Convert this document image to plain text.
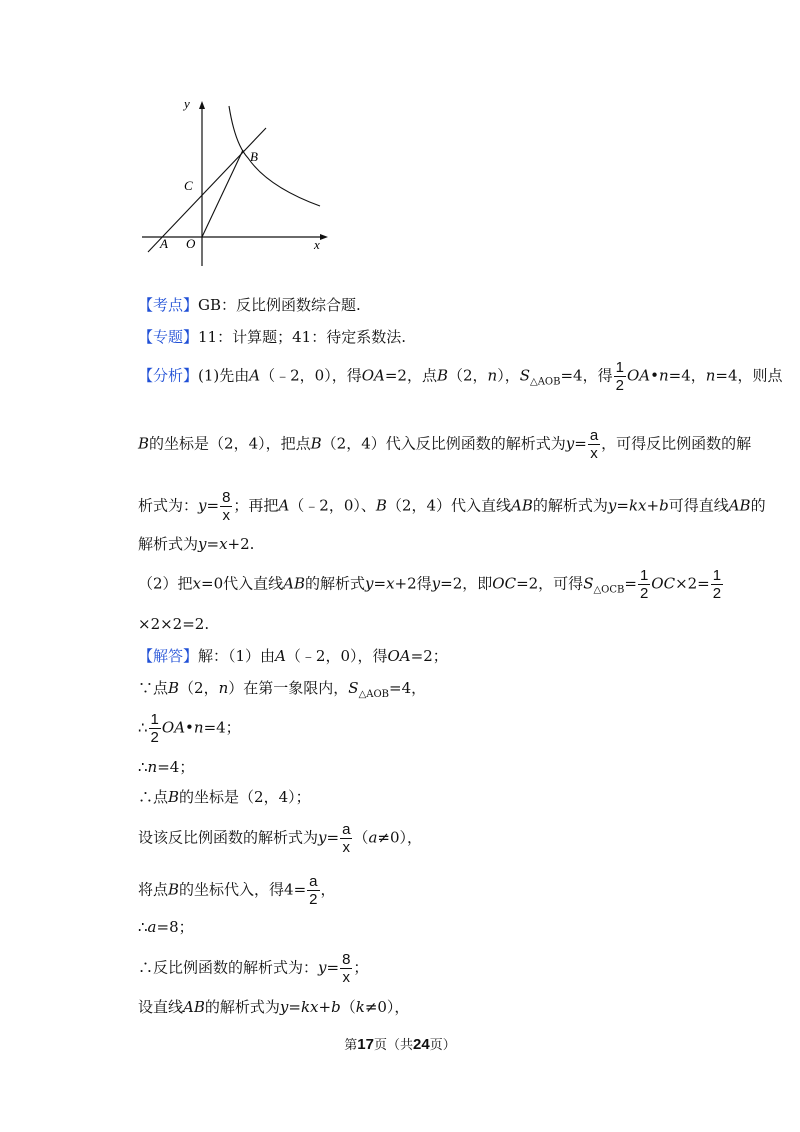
y
x
O
A
B
C
【考点】GB：反比例函数综合题.
【专题】11：计算题；41：待定系数法.
【分析】(1)先由A（﹣2，0），得OA=2，点B（2，n），$S_{\triangle AOB}=4$，得 $\frac{1}{2}$ OA•n=4，n=4，则点
B的坐标是（2，4），把点B（2，4）代入反比例函数的解析式为$y= \frac{a}{x}$ ，可得反比例函数的解
析式为：$y= \frac{8}{x}$ ；再把A（﹣2，0）、B（2，4）代入直线AB的解析式为y=kx+b可得直线AB的
解析式为y=x+2.
（2）把x=0代入直线AB的解析式y=x+2得y=2，即OC=2，可得$S_{\triangle OCB}= \frac{1}{2} OC\times 2= \frac{1}{2}$
×2×2=2.
【解答】解：（1）由A（﹣2，0），得OA=2；
∵点B（2，n）在第一象限内，$S_{\triangle AOB}=4$，
∴ $\frac{1}{2}$ OA•n=4；
∴n=4；
∴点B的坐标是（2，4）；
设该反比例函数的解析式为$y= \frac{a}{x} (a\ne 0)$，
将点B的坐标代入，得$4= \frac{a}{2}$ ，
∴a=8；
∴反比例函数的解析式为：$y= \frac{8}{x}$ ；
设直线AB的解析式为y=kx+b（k≠0），
第17页（共24页）
